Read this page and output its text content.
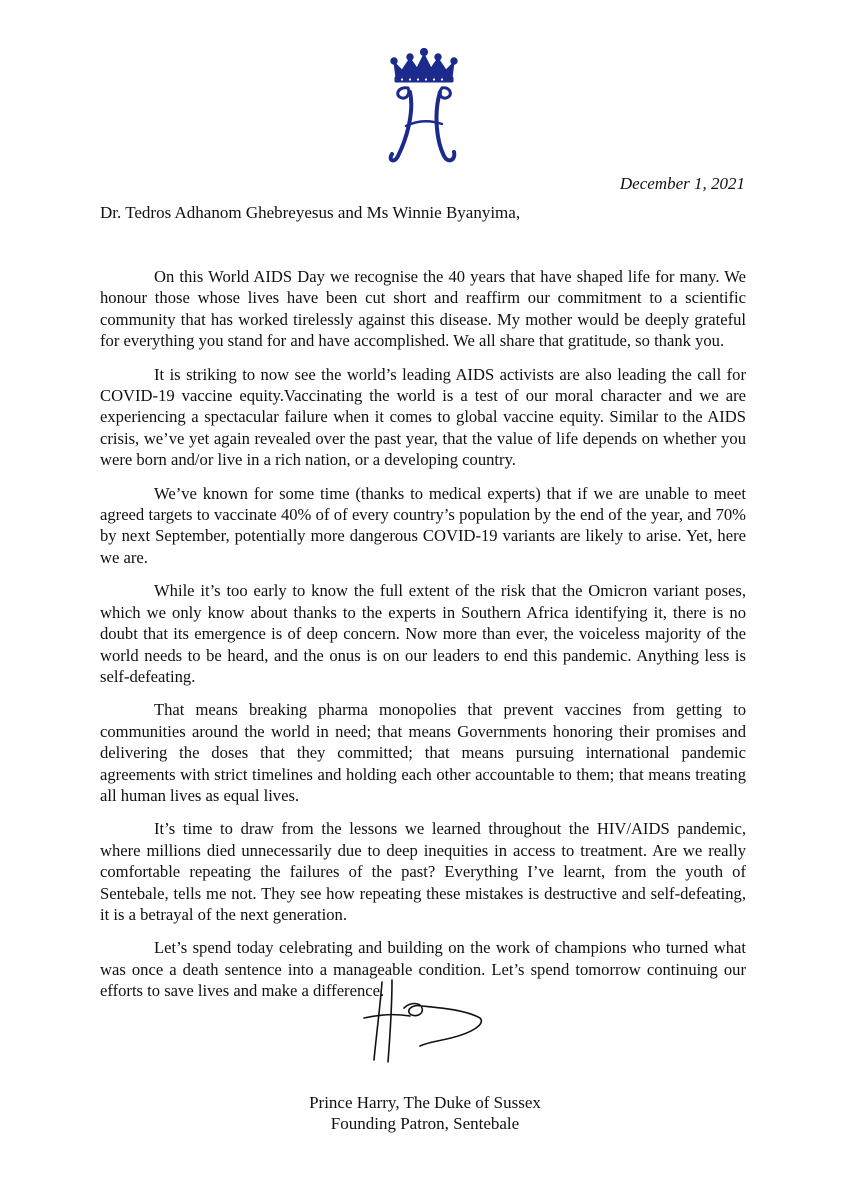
December 1, 2021
Dr. Tedros Adhanom Ghebreyesus and Ms Winnie Byanyima,

On this World AIDS Day we recognise the 40 years that have shaped life for many. We honour those whose lives have been cut short and reaffirm our commitment to a scientific community that has worked tirelessly against this disease. My mother would be deeply grateful for everything you stand for and have accomplished. We all share that gratitude, so thank you.

It is striking to now see the world’s leading AIDS activists are also leading the call for COVID-19 vaccine equity.Vaccinating the world is a test of our moral character and we are experiencing a spectacular failure when it comes to global vaccine equity. Similar to the AIDS crisis, we’ve yet again revealed over the past year, that the value of life depends on whether you were born and/or live in a rich nation, or a developing country.

We’ve known for some time (thanks to medical experts) that if we are unable to meet agreed targets to vaccinate 40% of of every country’s population by the end of the year, and 70% by next September, potentially more dangerous COVID-19 variants are likely to arise. Yet, here we are.

While it’s too early to know the full extent of the risk that the Omicron variant poses, which we only know about thanks to the experts in Southern Africa identifying it, there is no doubt that its emergence is of deep concern. Now more than ever, the voiceless majority of the world needs to be heard, and the onus is on our leaders to end this pandemic. Anything less is self-defeating.

That means breaking pharma monopolies that prevent vaccines from getting to communities around the world in need; that means Governments honoring their promises and delivering the doses that they committed; that means pursuing international pandemic agreements with strict timelines and holding each other accountable to them; that means treating all human lives as equal lives.

It’s time to draw from the lessons we learned throughout the HIV/AIDS pandemic, where millions died unnecessarily due to deep inequities in access to treatment. Are we really comfortable repeating the failures of the past? Everything I’ve learnt, from the youth of Sentebale, tells me not. They see how repeating these mistakes is destructive and self-defeating, it is a betrayal of the next generation.

Let’s spend today celebrating and building on the work of champions who turned what was once a death sentence into a manageable condition. Let’s spend tomorrow continuing our efforts to save lives and make a difference.

Prince Harry, The Duke of Sussex
Founding Patron, Sentebale
